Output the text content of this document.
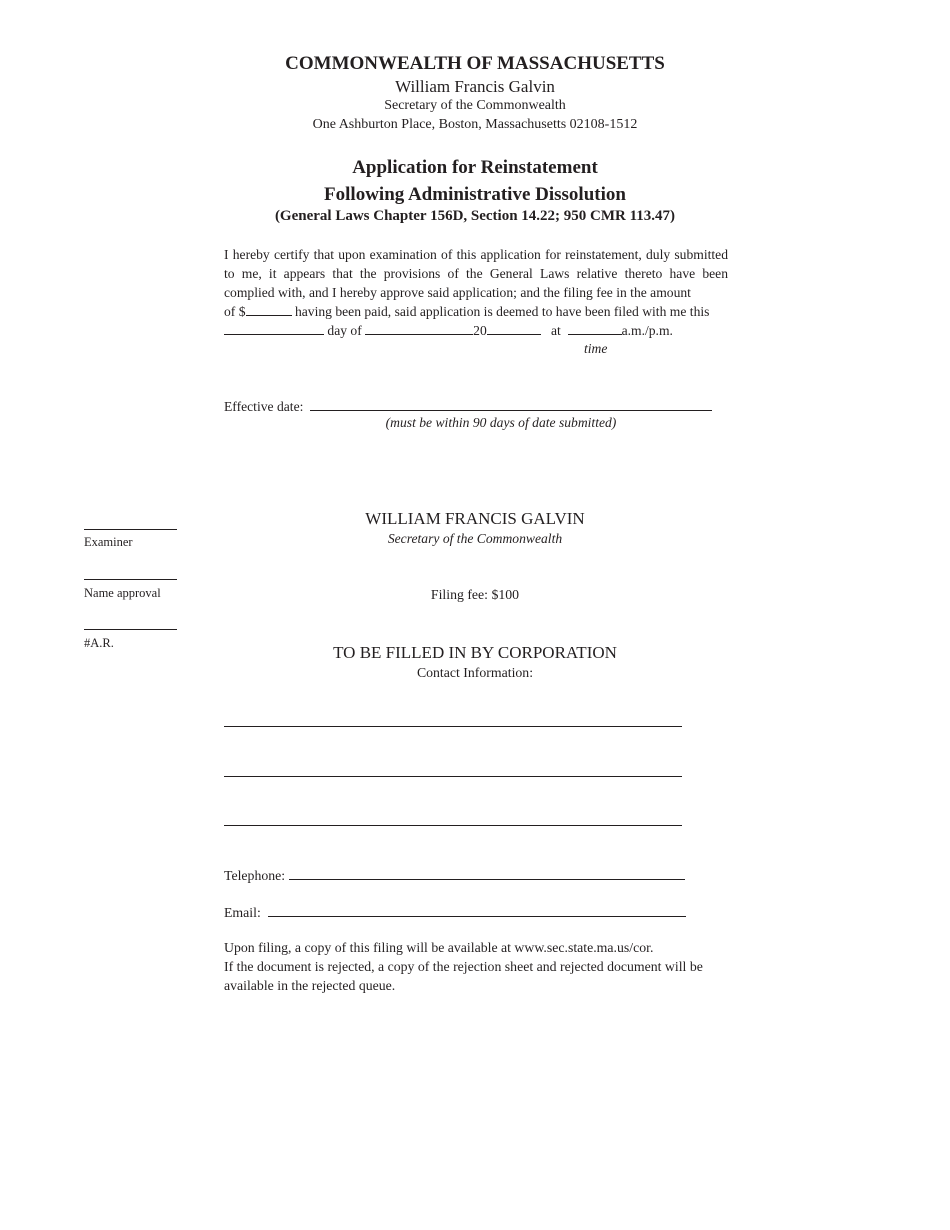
COMMONWEALTH OF MASSACHUSETTS
William Francis Galvin
Secretary of the Commonwealth
One Ashburton Place, Boston, Massachusetts 02108-1512
Application for Reinstatement
Following Administrative Dissolution
(General Laws Chapter 156D, Section 14.22; 950 CMR 113.47)
I hereby certify that upon examination of this application for reinstatement, duly submitted to me, it appears that the provisions of the General Laws relative thereto have been complied with, and I hereby approve said application; and the filing fee in the amount
of $	having been paid, said application is deemed to have been filed with me this
day of	20	at	a.m./p.m.
time
Effective date:
(must be within 90 days of date submitted)
Examiner
Name approval
#A.R.
WILLIAM FRANCIS GALVIN
Secretary of the Commonwealth
Filing fee: $100
TO BE FILLED IN BY CORPORATION
Contact Information:
Telephone:
Email:
Upon filing, a copy of this filing will be available at www.sec.state.ma.us/cor.
If the document is rejected, a copy of the rejection sheet and rejected document will be available in the rejected queue.
